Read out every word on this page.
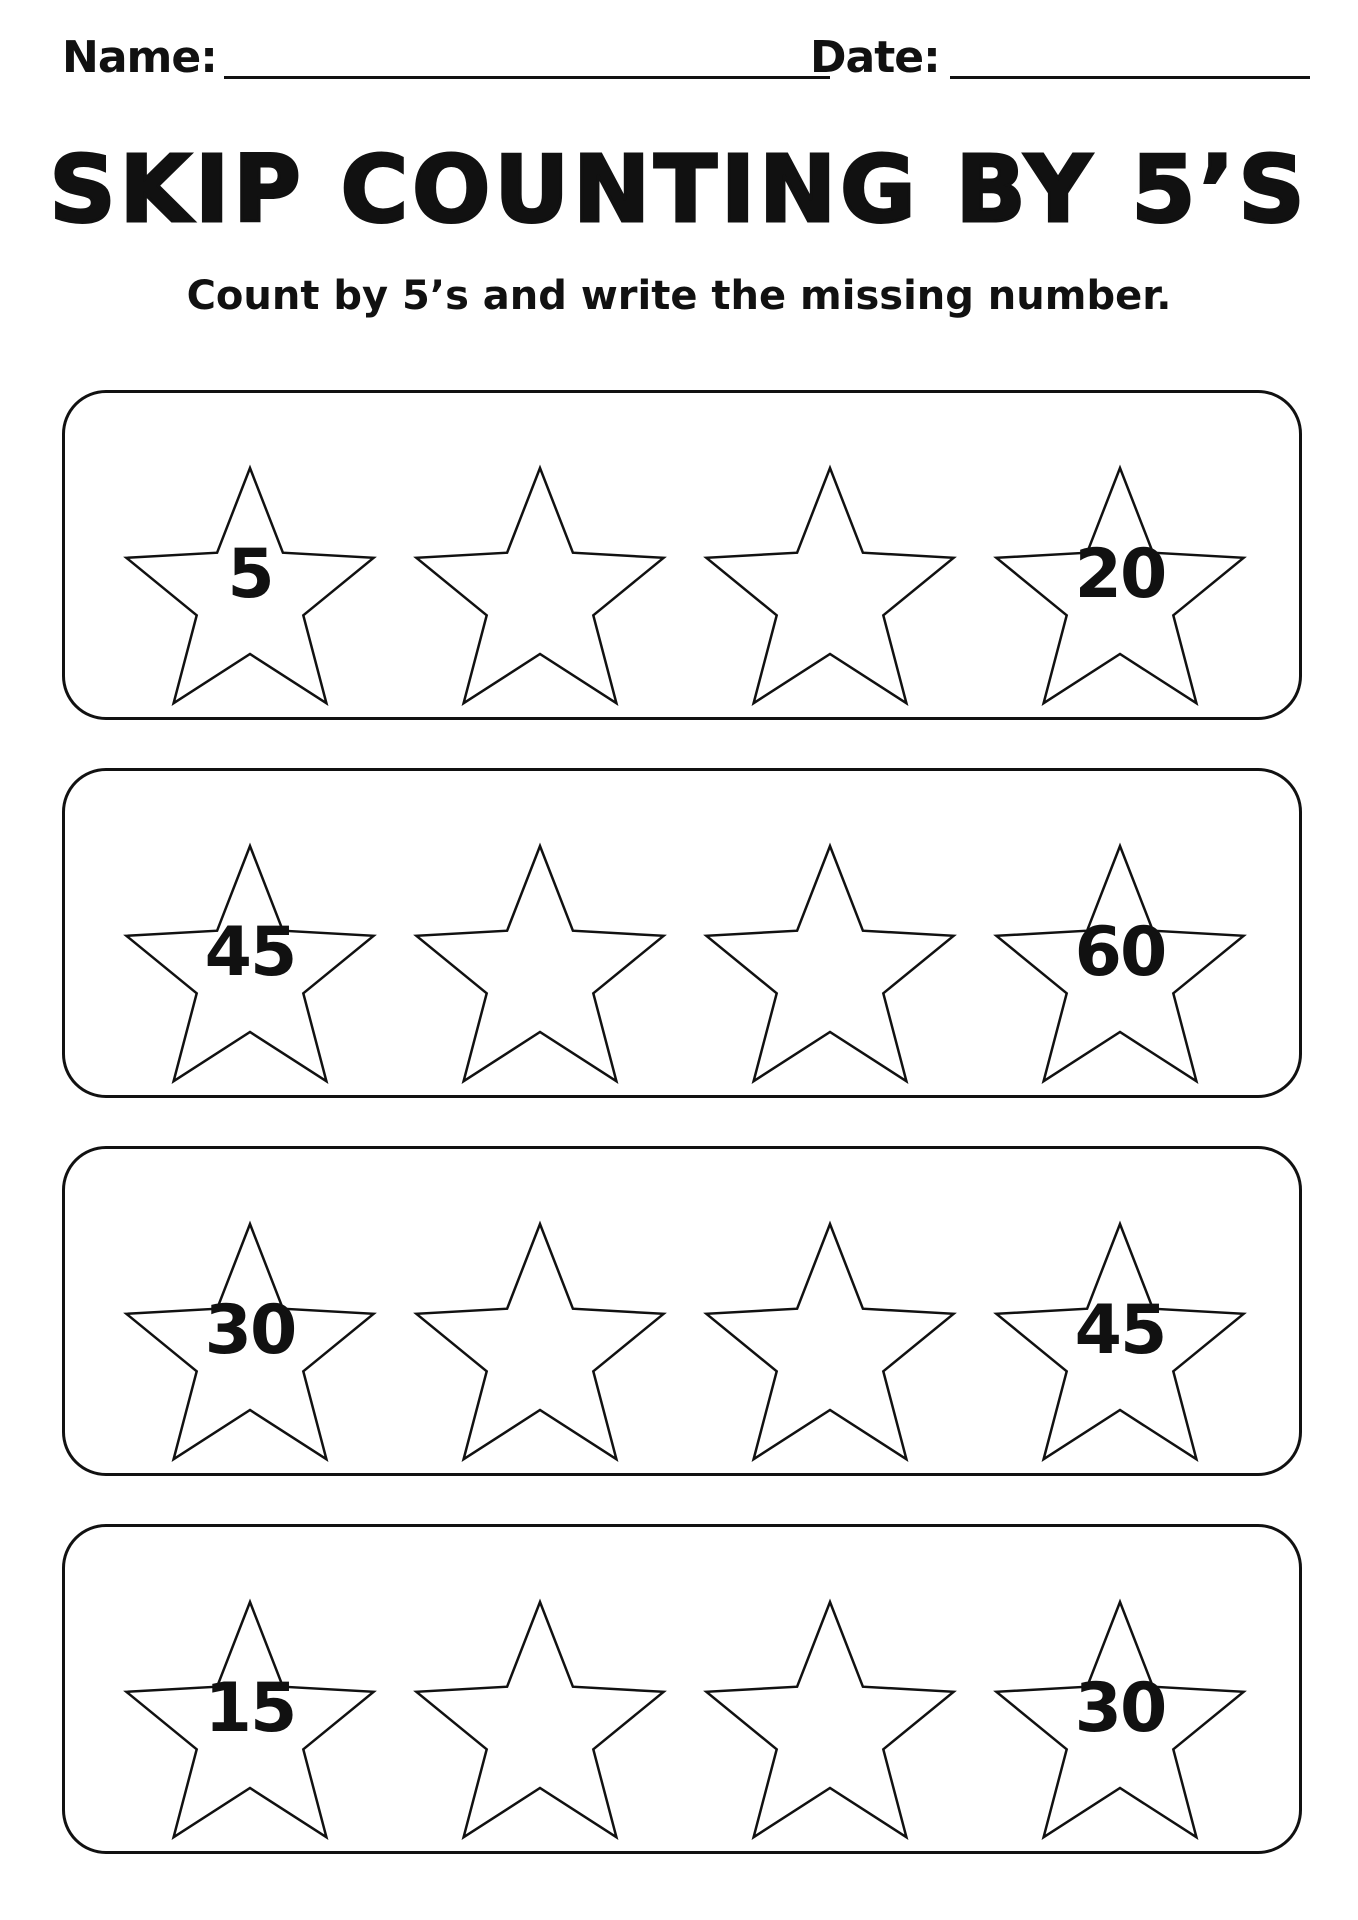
Name:	Date:
SKIP COUNTING BY 5’S
Count by 5’s and write the missing number.
5	20
45	60
30	45
15	30
